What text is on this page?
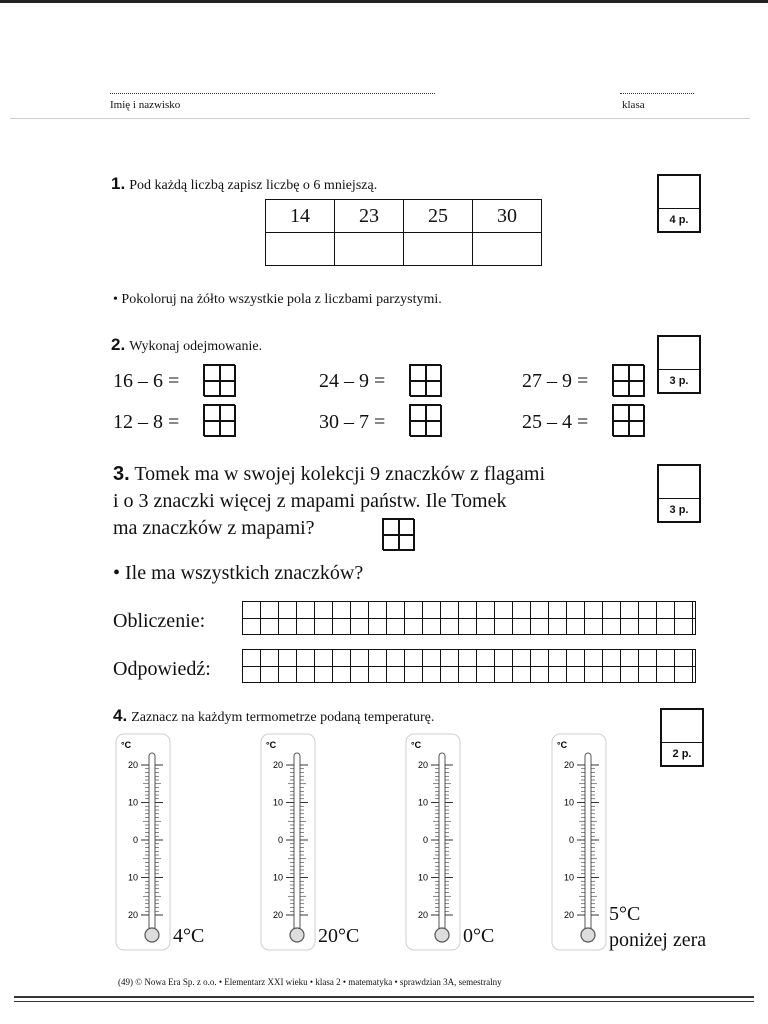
Imię i nazwisko	klasa
1. Pod każdą liczbą zapisz liczbę o 6 mniejszą.
14	23	25	30
				4 p.
• Pokoloruj na żółto wszystkie pola z liczbami parzystymi.
2. Wykonaj odejmowanie.
3 p.
16 – 6 =	24 – 9 =	27 – 9 =
12 – 8 =	30 – 7 =	25 – 4 =
3. Tomek ma w swojej kolekcji 9 znaczków z flagami
i o 3 znaczki więcej z mapami państw. Ile Tomek
ma znaczków z mapami?
3 p.
• Ile ma wszystkich znaczków?
Obliczenie:
Odpowiedź:
4. Zaznacz na każdym termometrze podaną temperaturę.
2 p.
°C
20
10
0
10
20
4°C
°C
20
10
0
10
20
20°C
°C
20
10
0
10
20
0°C
°C
20
10
0
10
20 5°C
poniżej zera
(49) © Nowa Era Sp. z o.o. • Elementarz XXI wieku • klasa 2 • matematyka • sprawdzian 3A, semestralny
